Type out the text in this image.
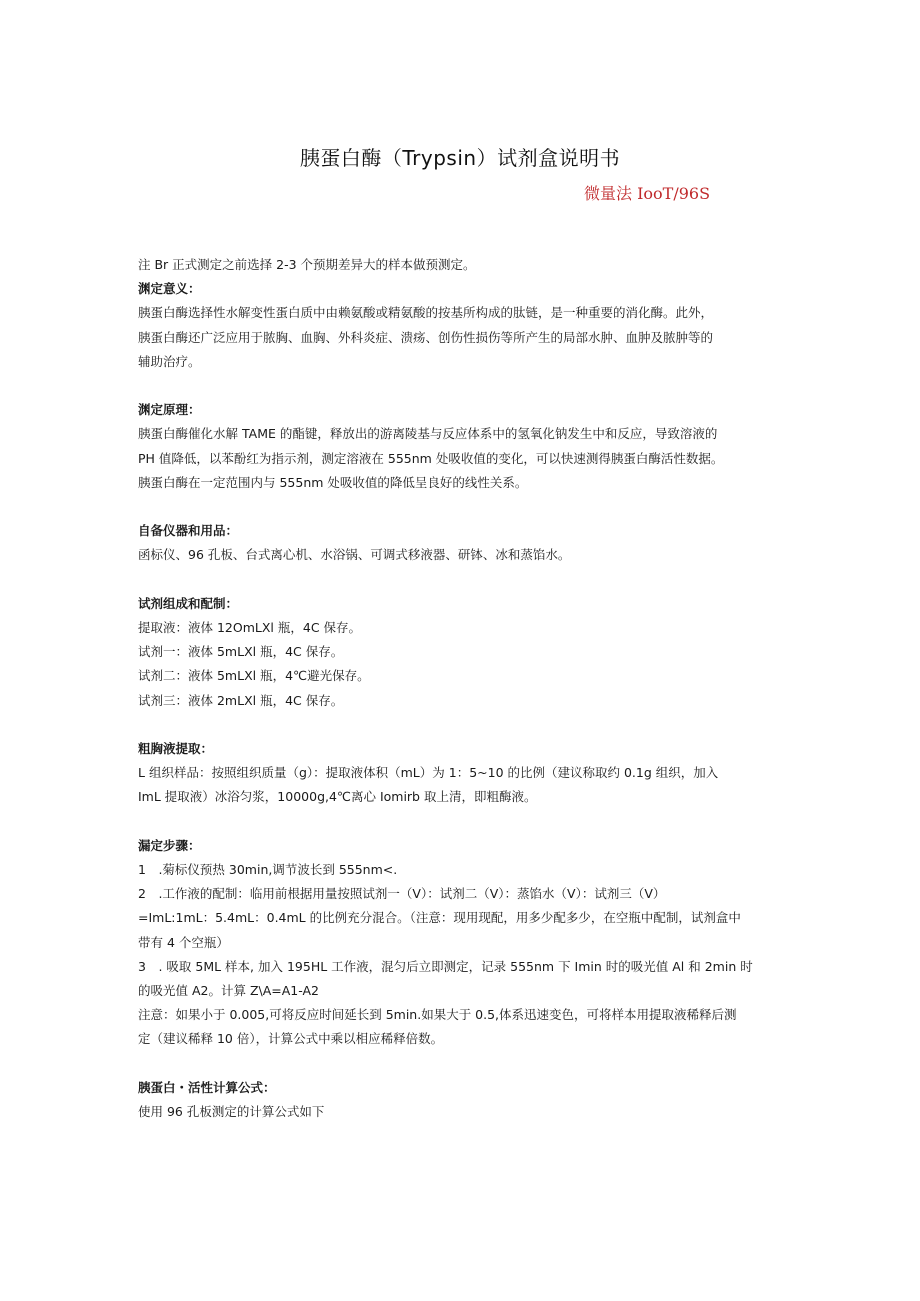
胰蛋白酶（Trypsin）试剂盒说明书
微量法 IooT/96S

注 Br 正式测定之前选择 2-3 个预期差异大的样本做预测定。

渊定意义：

胰蛋白酶选择性水解变性蛋白质中由赖氨酸或精氨酸的按基所构成的肽链，是一种重要的消化酶。此外，

胰蛋白酶还广泛应用于脓胸、血胸、外科炎症、溃疡、创伤性损伤等所产生的局部水肿、血肿及脓肿等的

辅助治疗。

渊定原理：

胰蛋白酶催化水解 TAME 的酯键，释放出的游离陵基与反应体系中的氢氧化钠发生中和反应，导致溶液的

PH 值降低，以苯酚红为指示剂，测定溶液在 555nm 处吸收值的变化，可以快速测得胰蛋白酶活性数据。

胰蛋白酶在一定范围内与 555nm 处吸收值的降低呈良好的线性关系。

自备仪器和用品：

函标仪、96 孔板、台式离心机、水浴锅、可调式移液器、研钵、冰和蒸馅水。

试剂组成和配制：

提取液：液体 12OmLXl 瓶，4C 保存。

试剂一：液体 5mLXl 瓶，4C 保存。

试剂二：液体 5mLXl 瓶，4℃避光保存。

试剂三：液体 2mLXl 瓶，4C 保存。

粗胸液提取：

L 组织样品：按照组织质量（g）：提取液体积（mL）为 1：5~10 的比例（建议称取约 0.1g 组织，加入

ImL 提取液）冰浴匀浆，10000g,4℃离心 Iomirb 取上清，即粗酶液。

漏定步骤：

1　.菊标仪预热 30min,调节波长到 555nm<.

2　.工作液的配制：临用前根据用量按照试剂一（V）：试剂二（V）：蒸馅水（V）：试剂三（V）

=ImL:1mL：5.4mL：0.4mL 的比例充分混合。（注意：现用现配，用多少配多少，在空瓶中配制，试剂盒中

带有 4 个空瓶）

3　. 吸取 5ML 样本, 加入 195HL 工作液，混匀后立即测定，记录 555nm 下 Imin 时的吸光值 Al 和 2min 时

的吸光值 A2。计算 Z\A=A1-A2

注意：如果小于 0.005,可将反应时间延长到 5min.如果大于 0.5,体系迅速变色，可将样本用提取液稀释后测

定（建议稀释 10 倍），计算公式中乘以相应稀释倍数。

胰蛋白・活性计算公式：

使用 96 孔板测定的计算公式如下
